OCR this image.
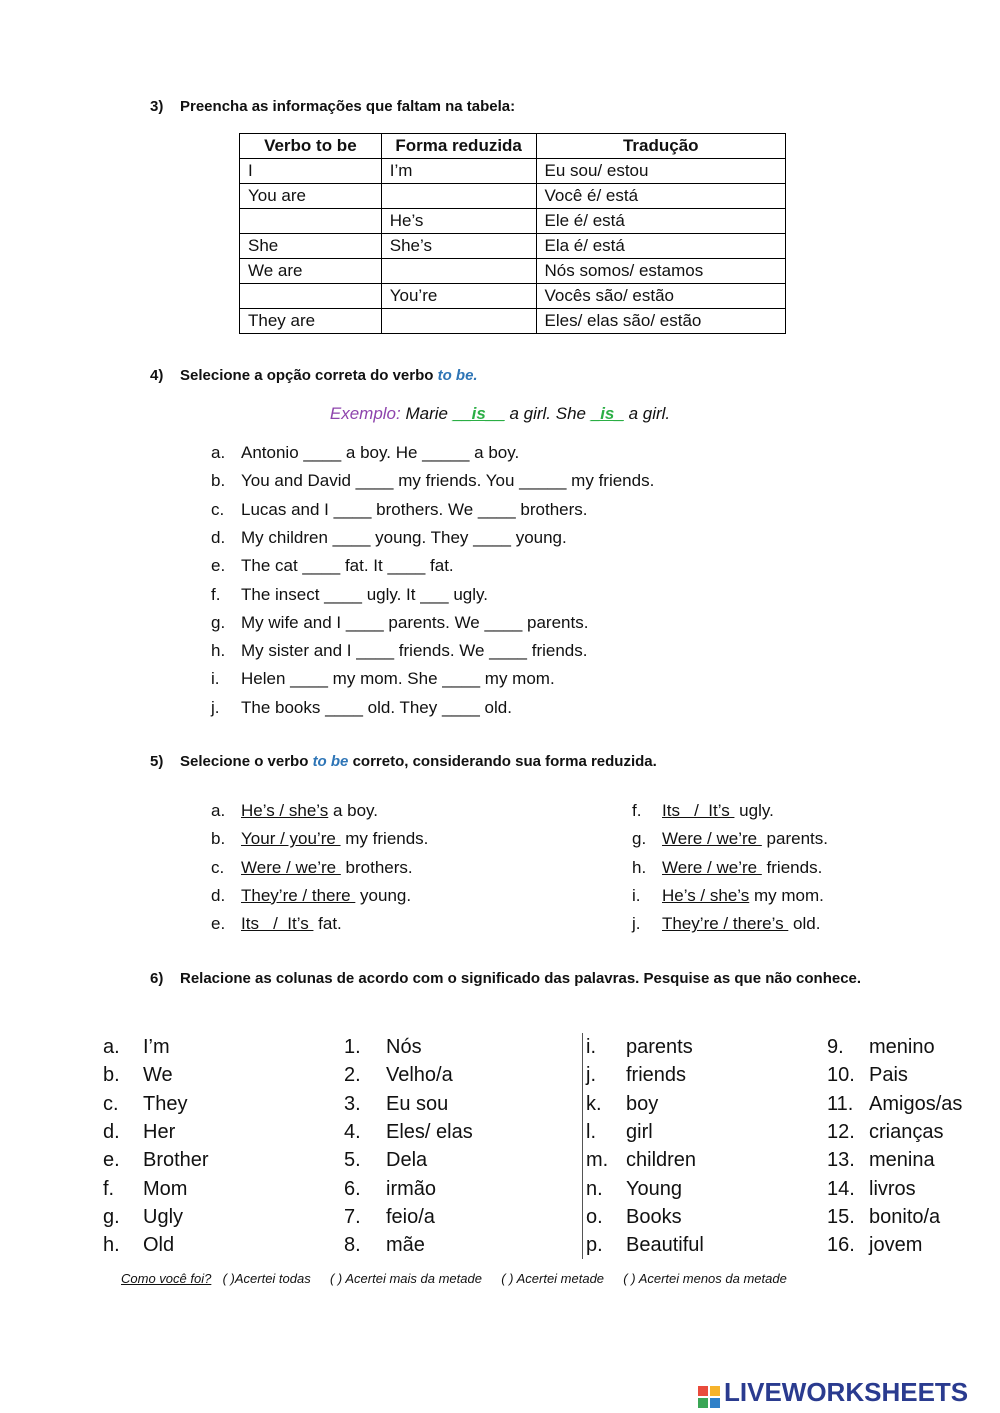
3) Preencha as informações que faltam na tabela:
Verbo to be	Forma reduzida	Tradução
I	I’m	Eu sou/ estou
You are		Você é/ está
	He’s	Ele é/ está
She	She’s	Ela é/ está
We are		Nós somos/ estamos
	You’re	Vocês são/ estão
They are		Eles/ elas são/ estão
4) Selecione a opção correta do verbo to be.
Exemplo: Marie __is__ a girl. She _is_ a girl.
a. Antonio ____ a boy. He _____ a boy.
b. You and David ____ my friends. You _____ my friends.
c. Lucas and I ____ brothers. We ____ brothers.
d. My children ____ young. They ____ young.
e. The cat ____ fat. It ____ fat.
f. The insect ____ ugly. It ___ ugly.
g. My wife and I ____ parents. We ____ parents.
h. My sister and I ____ friends. We ____ friends.
i. Helen ____ my mom. She ____ my mom.
j. The books ____ old. They ____ old.
5) Selecione o verbo to be correto, considerando sua forma reduzida.
a. He’s / she’s a boy.
b. Your / you’re  my friends.
c. Were / we’re  brothers.
d. They’re / there  young.
e. Its   /  It’s  fat.
f. Its   /  It’s  ugly.
g. Were / we’re  parents.
h. Were / we’re  friends.
i. He’s / she’s my mom.
j. They’re / there’s  old.
6) Relacione as colunas de acordo com o significado das palavras. Pesquise as que não conhece.
a. I’m
b. We
c. They
d. Her
e. Brother
f. Mom
g. Ugly
h. Old
1. Nós
2. Velho/a
3. Eu sou
4. Eles/ elas
5. Dela
6. irmão
7. feio/a
8. mãe
i. parents
j. friends
k. boy
l. girl
m. children
n. Young
o. Books
p. Beautiful
9. menino
10. Pais
11. Amigos/as
12. crianças
13. menina
14. livros
15. bonito/a
16. jovem
Como você foi? ( )Acertei todas ( ) Acertei mais da metade ( ) Acertei metade ( ) Acertei menos da metade
LIVEWORKSHEETS
